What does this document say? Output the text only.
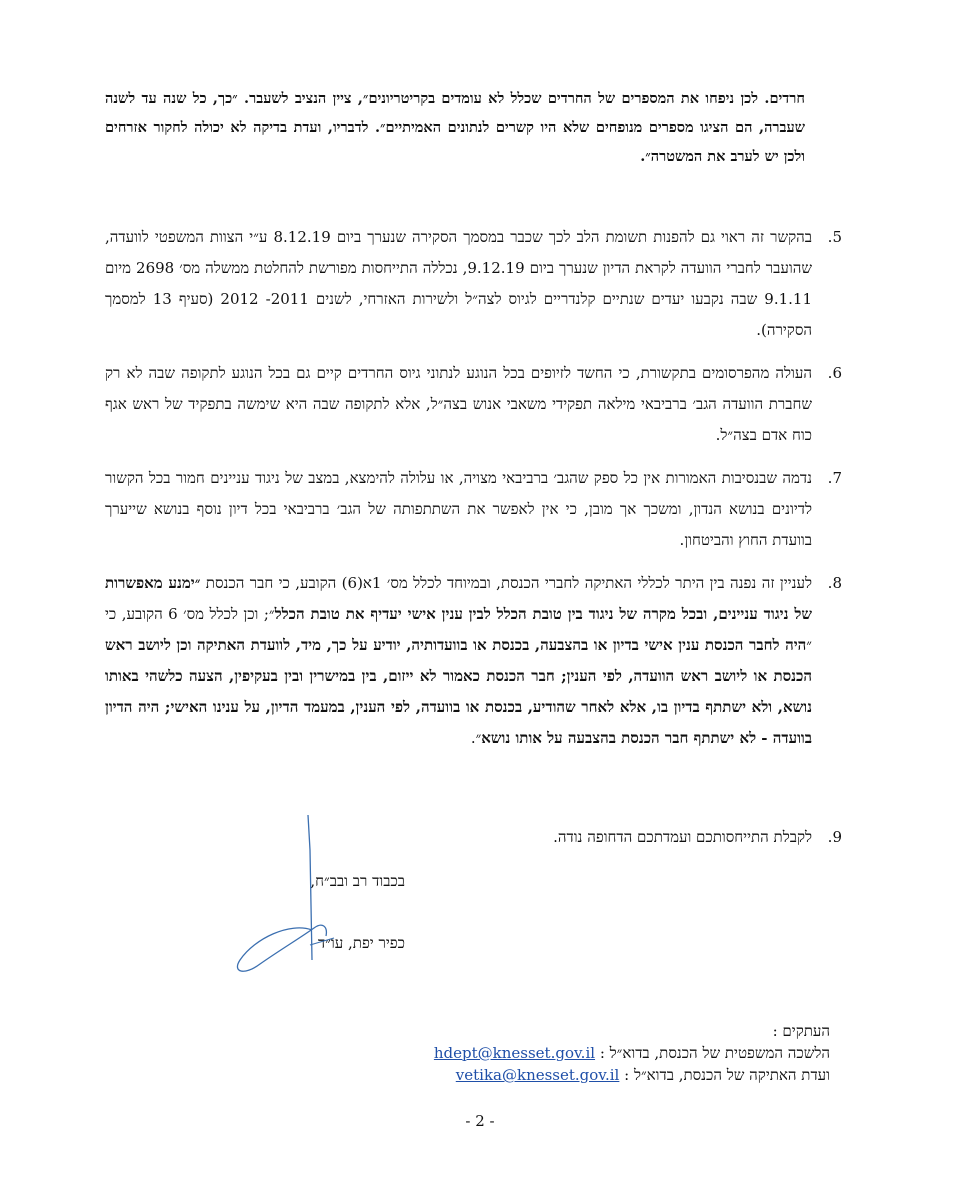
חרדים. לכן ניפחו את המספרים של החרדים שכלל לא עומדים בקריטריונים״, ציין הנציב לשעבר. ״כך, כל שנה עד לשנה שעברה, הם הציגו מספרים מנופחים שלא היו קשרים לנתונים האמיתיים״. לדבריו, ועדת בדיקה לא יכולה לחקור אזרחים ולכן יש לערב את המשטרה״.
5.
בהקשר זה ראוי גם להפנות תשומת הלב לכך שכבר במסמך הסקירה שנערך ביום 8.12.19 ע״י הצוות המשפטי לוועדה, שהועבר לחברי הוועדה לקראת הדיון שנערך ביום 9.12.19, נכללה התייחסות מפורשת להחלטת ממשלה מס׳ 2698 מיום 9.1.11 שבה נקבעו יעדים שנתיים קלנדריים לגיוס לצה״ל ולשירות האזרחי, לשנים 2011- 2012 (סעיף 13 למסמך הסקירה).
6.
העולה מהפרסומים בתקשורת, כי החשד לזיופים בכל הנוגע לנתוני גיוס החרדים קיים גם בכל הנוגע לתקופה שבה לא רק שחברת הוועדה הגב׳ ברביבאי מילאה תפקידי משאבי אנוש בצה״ל, אלא לתקופה שבה היא שימשה בתפקיד של ראש אגף כוח אדם בצה״ל.
7.
נדמה שבנסיבות האמורות אין כל ספק שהגב׳ ברביבאי מצויה, או עלולה להימצא, במצב של ניגוד עניינים חמור בכל הקשור לדיונים בנושא הנדון, ומשכך אך מובן, כי אין לאפשר את השתתפותה של הגב׳ ברביבאי בכל דיון נוסף בנושא שייערך בוועדת החוץ והביטחון.
8.
לעניין זה נפנה בין היתר לכללי האתיקה לחברי הכנסת, ובמיוחד לכלל מס׳ 1א(6) הקובע, כי חבר הכנסת ״ימנע מאפשרות של ניגוד עניינים, ובכל מקרה של ניגוד בין טובת הכלל לבין ענין אישי יעדיף את טובת הכלל״; וכן לכלל מס׳ 6 הקובע, כי ״היה לחבר הכנסת ענין אישי בדיון או בהצבעה, בכנסת או בוועדותיה, יודיע על כך, מיד, לוועדת האתיקה וכן ליושב ראש הכנסת או ליושב ראש הוועדה, לפי הענין; חבר הכנסת כאמור לא ייזום, בין במישרין ובין בעקיפין, הצעה כלשהי באותו נושא, ולא ישתתף בדיון בו, אלא לאחר שהודיע, בכנסת או בוועדה, לפי הענין, במעמד הדיון, על ענינו האישי; היה הדיון בוועדה - לא ישתתף חבר הכנסת בהצבעה על אותו נושא״.
9.
לקבלת התייחסותכם ועמדתכם הדחופה נודה.
בכבוד רב ובב״ח,
כפיר יפת, עו״ד
העתקים :
הלשכה המשפטית של הכנסת, בדוא״ל : hdept@knesset.gov.il
ועדת האתיקה של הכנסת, בדוא״ל : vetika@knesset.gov.il
- 2 -
